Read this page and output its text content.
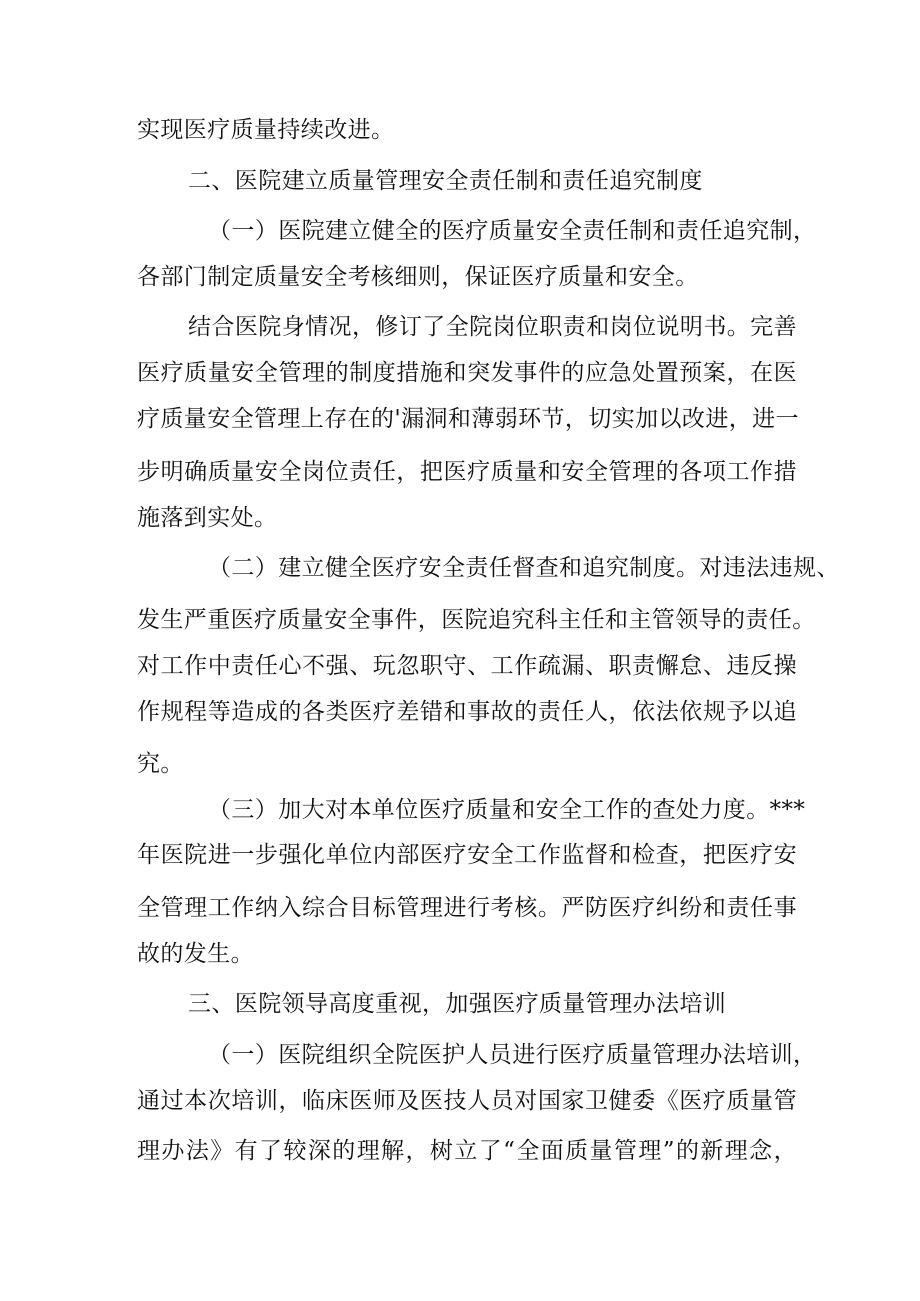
实现医疗质量持续改进。
二、医院建立质量管理安全责任制和责任追究制度
（一）医院建立健全的医疗质量安全责任制和责任追究制，
各部门制定质量安全考核细则，保证医疗质量和安全。
结合医院身情况，修订了全院岗位职责和岗位说明书。完善
医疗质量安全管理的制度措施和突发事件的应急处置预案，在医
疗质量安全管理上存在的'漏洞和薄弱环节，切实加以改进，进一
步明确质量安全岗位责任，把医疗质量和安全管理的各项工作措
施落到实处。
（二）建立健全医疗安全责任督查和追究制度。对违法违规、
发生严重医疗质量安全事件，医院追究科主任和主管领导的责任。
对工作中责任心不强、玩忽职守、工作疏漏、职责懈怠、违反操
作规程等造成的各类医疗差错和事故的责任人，依法依规予以追
究。
（三）加大对本单位医疗质量和安全工作的查处力度。***
年医院进一步强化单位内部医疗安全工作监督和检查，把医疗安
全管理工作纳入综合目标管理进行考核。严防医疗纠纷和责任事
故的发生。
三、医院领导高度重视，加强医疗质量管理办法培训
（一）医院组织全院医护人员进行医疗质量管理办法培训，
通过本次培训，临床医师及医技人员对国家卫健委《医疗质量管
理办法》有了较深的理解，树立了“全面质量管理”的新理念，
